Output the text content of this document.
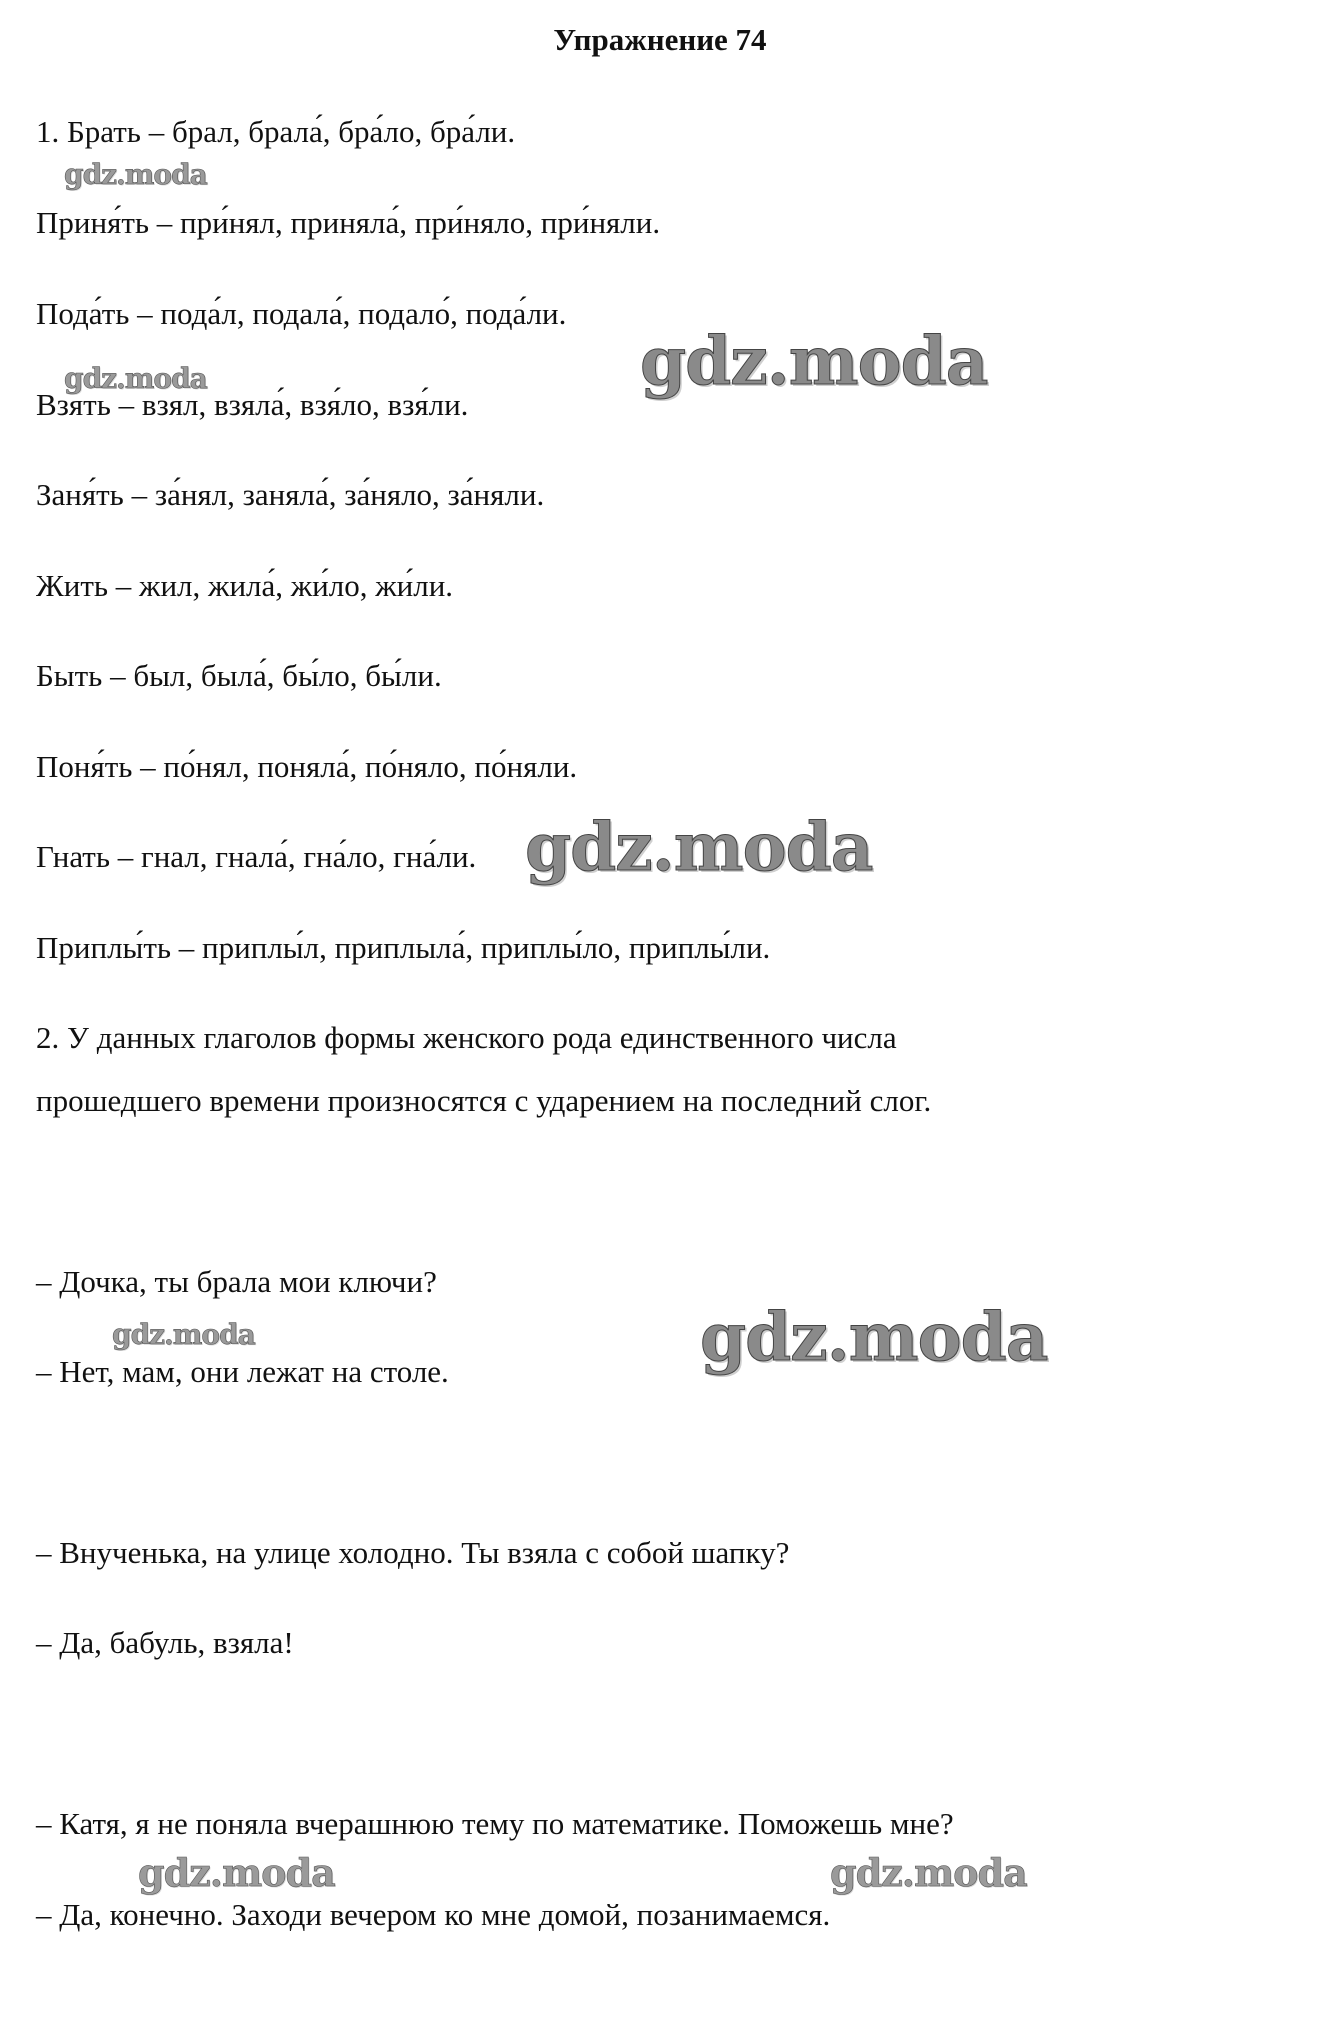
Упражнение 74
1. Брать – брал, брала́, бра́ло, бра́ли.
Приня́ть – при́нял, приняла́, при́няло, при́няли.
Пода́ть – пода́л, подала́, подало́, пода́ли.
Взять – взял, взяла́, взя́ло, взя́ли.
Заня́ть – за́нял, заняла́, за́няло, за́няли.
Жить – жил, жила́, жи́ло, жи́ли.
Быть – был, была́, бы́ло, бы́ли.
Поня́ть – по́нял, поняла́, по́няло, по́няли.
Гнать – гнал, гнала́, гна́ло, гна́ли.
Приплы́ть – приплы́л, приплыла́, приплы́ло, приплы́ли.
2. У данных глаголов формы женского рода единственного числа
прошедшего времени произносятся с ударением на последний слог.
– Дочка, ты брала мои ключи?
– Нет, мам, они лежат на столе.
– Внученька, на улице холодно. Ты взяла с собой шапку?
– Да, бабуль, взяла!
– Катя, я не поняла вчерашнюю тему по математике. Поможешь мне?
– Да, конечно. Заходи вечером ко мне домой, позанимаемся.
gdz.moda
gdz.moda	gdz.moda
gdz.moda
gdz.moda	gdz.moda
gdz.moda	gdz.moda
